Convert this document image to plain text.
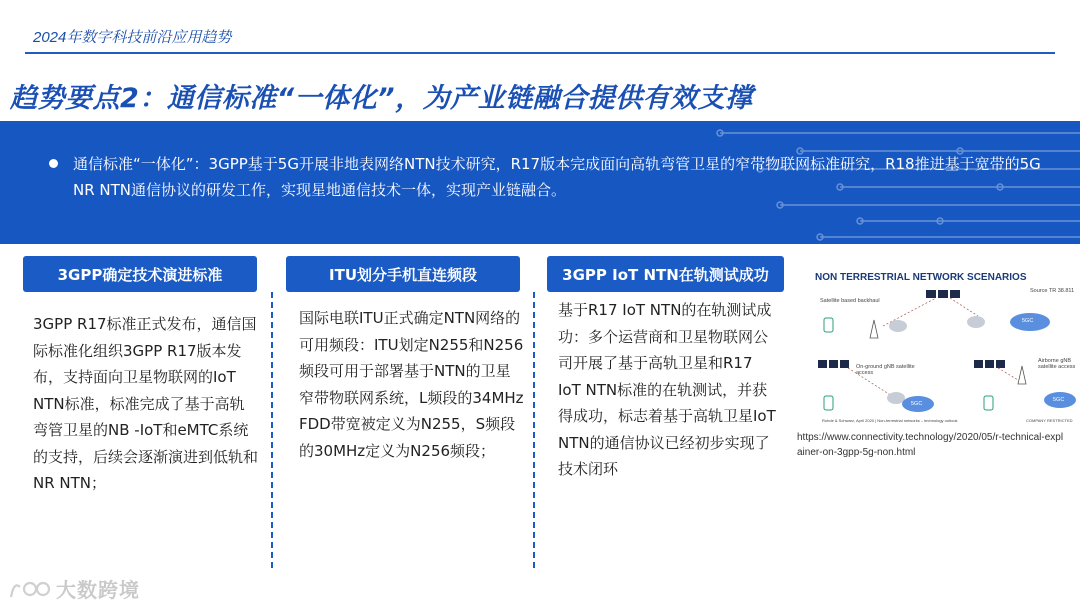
2024年数字科技前沿应用趋势
趋势要点2：通信标准“一体化”，为产业链融合提供有效支撑
通信标准“一体化”：3GPP基于5G开展非地表网络NTN技术研究，R17版本完成面向高轨弯管卫星的窄带物联网标准研究，R18推进基于宽带的5G NR NTN通信协议的研发工作，实现星地通信技术一体，实现产业链融合。
3GPP确定技术演进标准	ITU划分手机直连频段	3GPP IoT NTN在轨测试成功
3GPP R17标准正式发布，通信国际标准化组织3GPP R17版本发布，支持面向卫星物联网的IoT NTN标准，标准完成了基于高轨弯管卫星的NB -IoT和eMTC系统的支持，后续会逐渐演进到低轨和NR NTN；
国际电联ITU正式确定NTN网络的可用频段：ITU划定N255和N256频段可用于部署基于NTN的卫星窄带物联网系统，L频段的34MHz FDD带宽被定义为N255，S频段的30MHz定义为N256频段；
基于R17 IoT NTN的在轨测试成功：多个运营商和卫星物联网公司开展了基于高轨卫星和R17 IoT NTN标准的在轨测试，并获得成功，标志着基于高轨卫星IoT NTN的通信协议已经初步实现了技术闭环
NON TERRESTRIAL NETWORK SCENARIOS
Source TR 38.811
Satellite based backhaul
On-ground gNB satellite access
Airborne gNB satellite access
5GC
5GC
5GC
Rohde & Schwarz, April 2020 | Non-terrestrial networks – technology outlook	COMPANY RESTRICTED
https://www.connectivity.technology/2020/05/r-technical-explainer-on-3gpp-5g-non.html
大数跨境
